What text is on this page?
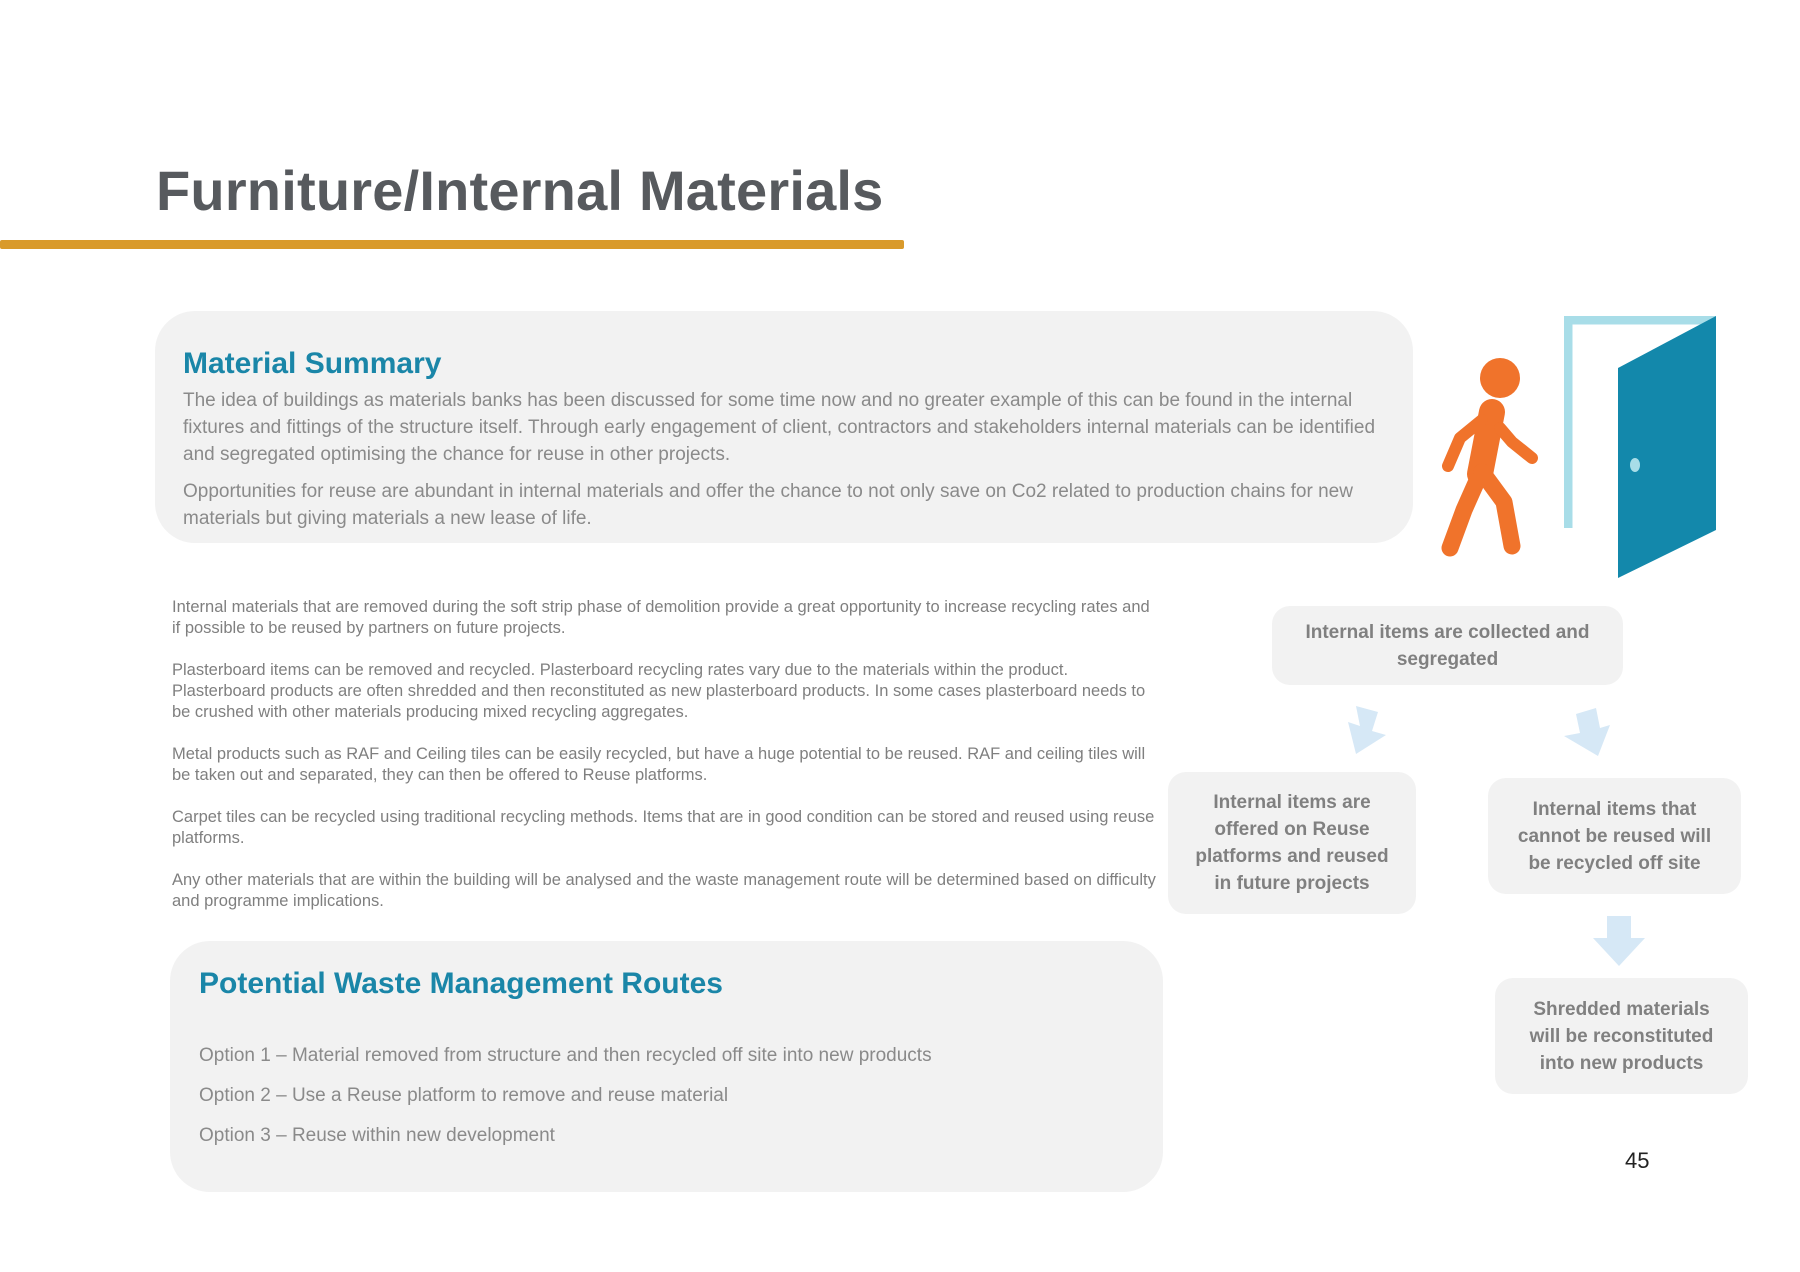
Furniture/Internal Materials
Material Summary

The idea of buildings as materials banks has been discussed for some time now and no greater example of this can be found in the internal fixtures and fittings of the structure itself. Through early engagement of client, contractors and stakeholders internal materials can be identified and segregated optimising the chance for reuse in other projects.

Opportunities for reuse are abundant in internal materials and offer the chance to not only save on Co2 related to production chains for new materials but giving materials a new lease of life.

Internal materials that are removed during the soft strip phase of demolition provide a great opportunity to increase recycling rates and if possible to be reused by partners on future projects.

Plasterboard items can be removed and recycled. Plasterboard recycling rates vary due to the materials within the product. Plasterboard products are often shredded and then reconstituted as new plasterboard products. In some cases plasterboard needs to be crushed with other materials producing mixed recycling aggregates.

Metal products such as RAF and Ceiling tiles can be easily recycled, but have a huge potential to be reused. RAF and ceiling tiles will be taken out and separated, they can then be offered to Reuse platforms.

Carpet tiles can be recycled using traditional recycling methods. Items that are in good condition can be stored and reused using reuse platforms.

Any other materials that are within the building will be analysed and the waste management route will be determined based on difficulty and programme implications.

Potential Waste Management Routes
Option 1 – Material removed from structure and then recycled off site into new products
Option 2 – Use a Reuse platform to remove and reuse material
Option 3 – Reuse within new development
Internal items are collected and segregated
Internal items are offered on Reuse platforms and reused in future projects
Internal items that cannot be reused will be recycled off site
Shredded materials will be reconstituted into new products
45
